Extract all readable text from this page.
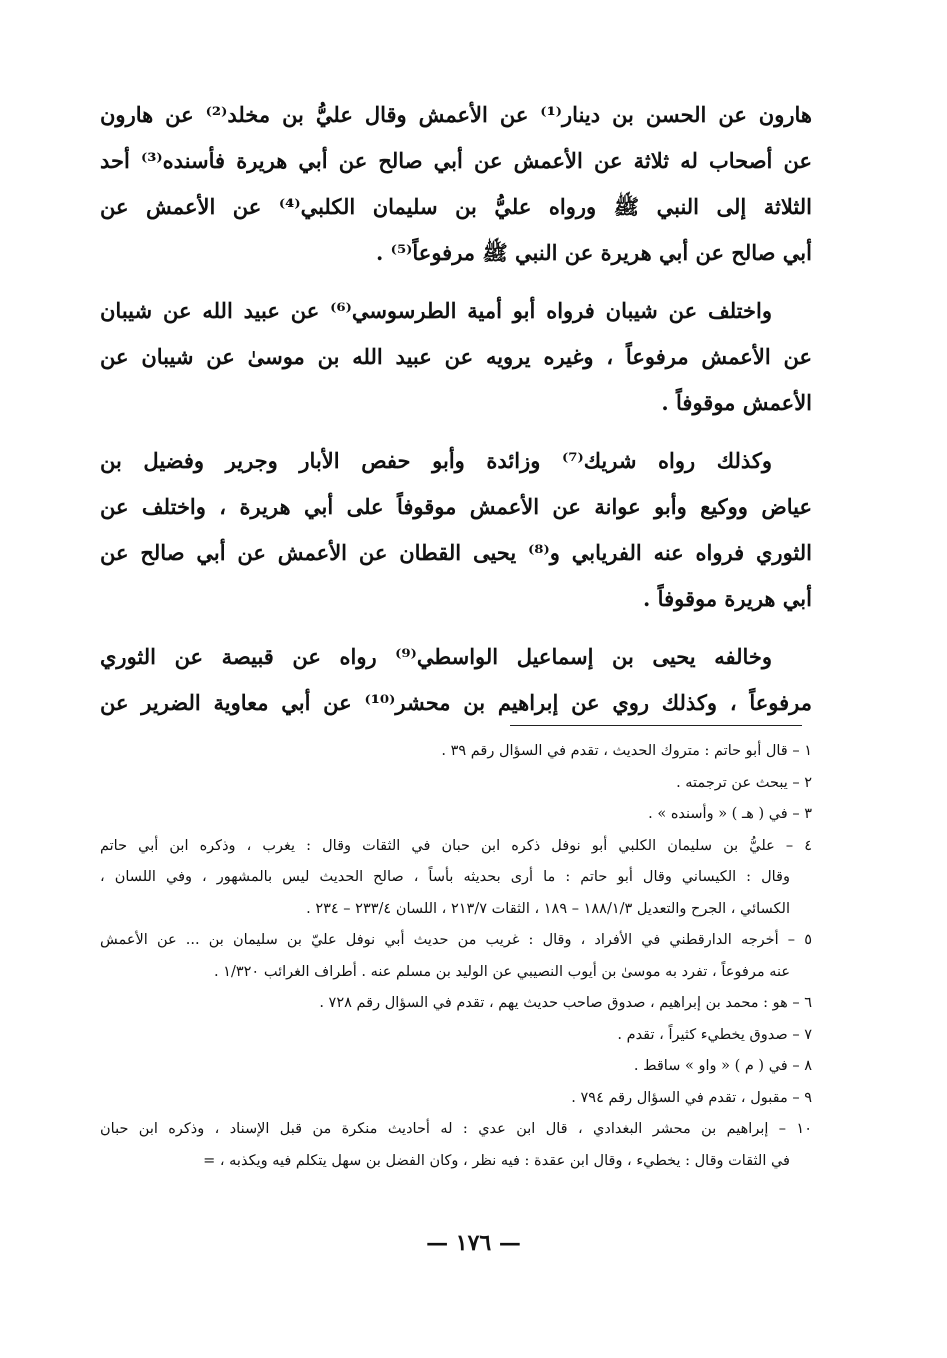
هارون عن الحسن بن دينار⁽¹⁾ عن الأعمش وقال عليُّ بن مخلد⁽²⁾ عن هارون
عن أصحاب له ثلاثة عن الأعمش عن أبي صالح عن أبي هريرة فأسنده⁽³⁾ أحد
الثلاثة إلى النبي ﷺ ورواه عليُّ بن سليمان الكلبي⁽⁴⁾ عن الأعمش عن
أبي صالح عن أبي هريرة عن النبي ﷺ مرفوعاً⁽⁵⁾ .
واختلف عن شيبان فرواه أبو أمية الطرسوسي⁽⁶⁾ عن عبيد الله عن شيبان
عن الأعمش مرفوعاً ، وغيره يرويه عن عبيد الله بن موسىٰ عن شيبان عن
الأعمش موقوفاً .
وكذلك رواه شريك⁽⁷⁾ وزائدة وأبو حفص الأبار وجرير وفضيل بن
عياض ووكيع وأبو عوانة عن الأعمش موقوفاً على أبي هريرة ، واختلف عن
الثوري فرواه عنه الفريابي و⁽⁸⁾ يحيى القطان عن الأعمش عن أبي صالح عن
أبي هريرة موقوفاً .
وخالفه يحيى بن إسماعيل الواسطي⁽⁹⁾ رواه عن قبيصة عن الثوري
مرفوعاً ، وكذلك روي عن إبراهيم بن محشر⁽¹⁰⁾ عن أبي معاوية الضرير عن
١ – قال أبو حاتم : متروك الحديث ، تقدم في السؤال رقم ٣٩ .
٢ – يبحث عن ترجمته .
٣ – في ( هـ ) « وأسنده » .
٤ – عليُّ بن سليمان الكلبي أبو نوفل ذكره ابن حبان في الثقات وقال : يغرب ، وذكره ابن أبي حاتم
وقال : الكيساني وقال أبو حاتم : ما أرى بحديثه بأساً ، صالح الحديث ليس بالمشهور ، وفي اللسان ،
الكسائي ، الجرح والتعديل ١٨٨/١/٣ – ١٨٩ ، الثقات ٢١٣/٧ ، اللسان ٢٣٣/٤ – ٢٣٤ .
٥ – أخرجه الدارقطني في الأفراد ، وقال : غريب من حديث أبي نوفل عليّ بن سليمان بن ... عن الأعمش
عنه مرفوعاً ، تفرد به موسىٰ بن أيوب النصيبي عن الوليد بن مسلم عنه . أطراف الغرائب ١/٣٢٠ .
٦ – هو : محمد بن إبراهيم ، صدوق صاحب حديث يهم ، تقدم في السؤال رقم ٧٢٨ .
٧ – صدوق يخطيء كثيراً ، تقدم .
٨ – في ( م ) « واو » ساقط .
٩ – مقبول ، تقدم في السؤال رقم ٧٩٤ .
١٠ – إبراهيم بن محشر البغدادي ، قال ابن عدي : له أحاديث منكرة من قبل الإسناد ، وذكره ابن حبان
في الثقات وقال : يخطيء ، وقال ابن عقدة : فيه نظر ، وكان الفضل بن سهل يتكلم فيه ويكذبه ، =
— ١٧٦ —
